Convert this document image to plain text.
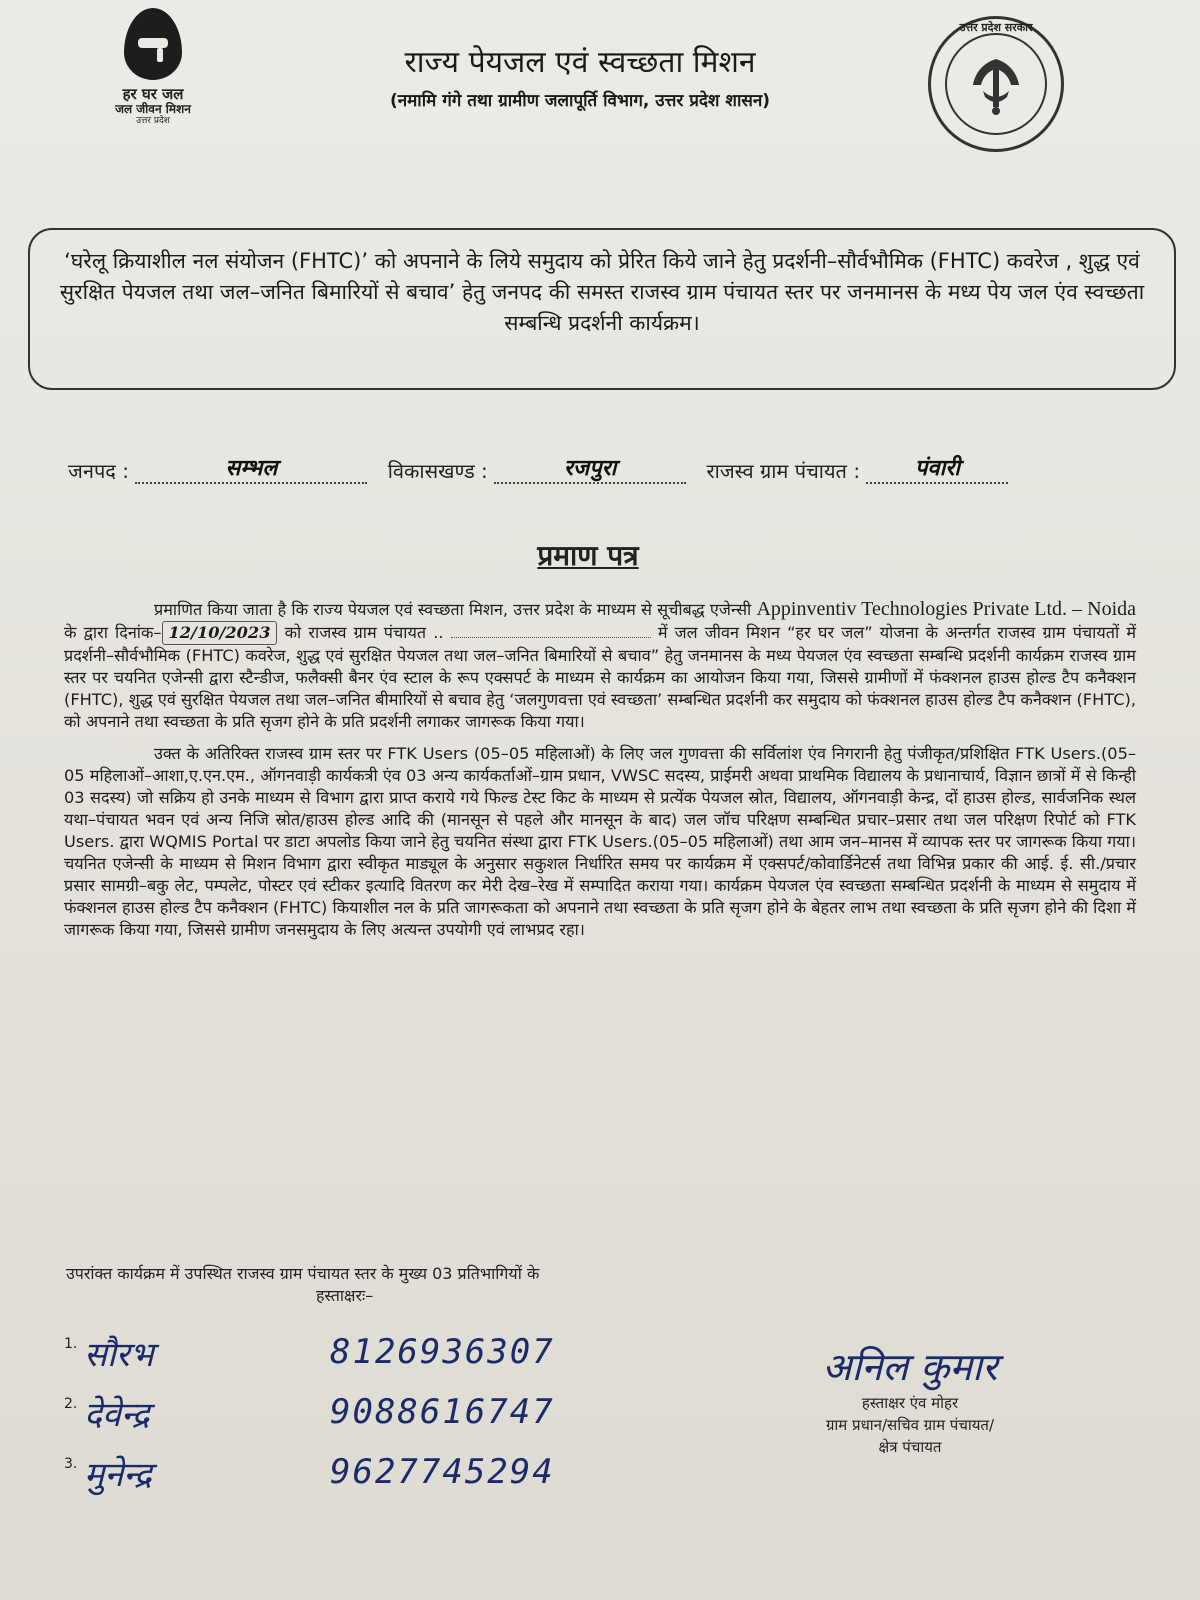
हर घर जल
जल जीवन मिशन
उत्तर प्रदेश
राज्य पेयजल एवं स्वच्छता मिशन
(नमामि गंगे तथा ग्रामीण जलापूर्ति विभाग, उत्तर प्रदेश शासन)
उत्तर प्रदेश सरकार
‘घरेलू क्रियाशील नल संयोजन (FHTC)’ को अपनाने के लिये समुदाय को प्रेरित किये जाने हेतु प्रदर्शनी–सौर्वभौमिक (FHTC) कवरेज , शुद्ध एवं सुरक्षित पेयजल तथा जल–जनित बिमारियों से बचाव’ हेतु जनपद की समस्त राजस्व ग्राम पंचायत स्तर पर जनमानस के मध्य पेय जल एंव स्वच्छता सम्बन्धि प्रदर्शनी कार्यक्रम।
जनपद :	सम्भल	विकासखण्ड :	रजपुरा	राजस्व ग्राम पंचायत : पंवारी
प्रमाण पत्र

प्रमाणित किया जाता है कि राज्य पेयजल एवं स्वच्छता मिशन, उत्तर प्रदेश के माध्यम से सूचीबद्ध एजेन्सी Appinventiv Technologies Private Ltd. – Noida के द्वारा दिनांक– 12/10/2023 को राजस्व ग्राम पंचायत ..	में जल जीवन मिशन “हर घर जल” योजना के अन्तर्गत राजस्व ग्राम पंचायतों में प्रदर्शनी–सौर्वभौमिक (FHTC) कवरेज, शुद्ध एवं सुरक्षित पेयजल तथा जल–जनित बिमारियों से बचाव” हेतु जनमानस के मध्य पेयजल एंव स्वच्छता सम्बन्धि प्रदर्शनी कार्यक्रम राजस्व ग्राम स्तर पर चयनित एजेन्सी द्वारा स्टैन्डीज, फलैक्सी बैनर एंव स्टाल के रूप एक्सपर्ट के माध्यम से कार्यक्रम का आयोजन किया गया, जिससे ग्रामीणों में फंक्शनल हाउस होल्ड टैप कनैक्शन (FHTC), शुद्ध एवं सुरक्षित पेयजल तथा जल–जनित बीमारियों से बचाव हेतु ‘जलगुणवत्ता एवं स्वच्छता’ सम्बन्धित प्रदर्शनी कर समुदाय को फंक्शनल हाउस होल्ड टैप कनैक्शन (FHTC), को अपनाने तथा स्वच्छता के प्रति सृजग होने के प्रति प्रदर्शनी लगाकर जागरूक किया गया।

उक्त के अतिरिक्त राजस्व ग्राम स्तर पर FTK Users (05–05 महिलाओं) के लिए जल गुणवत्ता की सर्विलांश एंव निगरानी हेतु पंजीकृत/प्रशिक्षित FTK Users.(05–05 महिलाओं–आशा,ए.एन.एम., ऑगनवाड़ी कार्यकत्री एंव 03 अन्य कार्यकर्ताओं–ग्राम प्रधान, VWSC सदस्य, प्राईमरी अथवा प्राथमिक विद्यालय के प्रधानाचार्य, विज्ञान छात्रों में से किन्ही 03 सदस्य) जो सक्रिय हो उनके माध्यम से विभाग द्वारा प्राप्त कराये गये फिल्ड टेस्ट किट के माध्यम से प्रत्येंक पेयजल स्रोत, विद्यालय, ऑगनवाड़ी केन्द्र, दों हाउस होल्ड, सार्वजनिक स्थल यथा–पंचायत भवन एवं अन्य निजि स्रोत/हाउस होल्ड आदि की (मानसून से पहले और मानसून के बाद) जल जॉच परिक्षण सम्बन्धित प्रचार–प्रसार तथा जल परिक्षण रिपोर्ट को FTK Users. द्वारा WQMIS Portal पर डाटा अपलोड किया जाने हेतु चयनित संस्था द्वारा FTK Users.(05–05 महिलाओं) तथा आम जन–मानस में व्यापक स्तर पर जागरूक किया गया। चयनित एजेन्सी के माध्यम से मिशन विभाग द्वारा स्वीकृत माड्यूल के अनुसार सकुशल निर्धारित समय पर कार्यक्रम में एक्सपर्ट/कोवार्डिनेटर्स तथा विभिन्न प्रकार की आई. ई. सी./प्रचार प्रसार सामग्री–बकु लेट, पम्पलेट, पोस्टर एवं स्टीकर इत्यादि वितरण कर मेरी देख–रेख में सम्पादित कराया गया। कार्यक्रम पेयजल एंव स्वच्छता सम्बन्धित प्रदर्शनी के माध्यम से समुदाय में फंक्शनल हाउस होल्ड टैप कनैक्शन (FHTC) कियाशील नल के प्रति जागरूकता को अपनाने तथा स्वच्छता के प्रति सृजग होने के बेहतर लाभ तथा स्वच्छता के प्रति सृजग होने की दिशा में जागरूक किया गया, जिससे ग्रामीण जनसमुदाय के लिए अत्यन्त उपयोगी एवं लाभप्रद रहा।

उपरांक्त कार्यक्रम में उपस्थित राजस्व ग्राम पंचायत स्तर के मुख्य 03 प्रतिभागियों के
हस्ताक्षरः–
1. सौरभ	8126936307
2. देवेन्द्र	9088616747
3. मुनेन्द्र	9627745294
अनिल कुमार
हस्ताक्षर एंव मोहर
ग्राम प्रधान/सचिव ग्राम पंचायत/
क्षेत्र पंचायत
